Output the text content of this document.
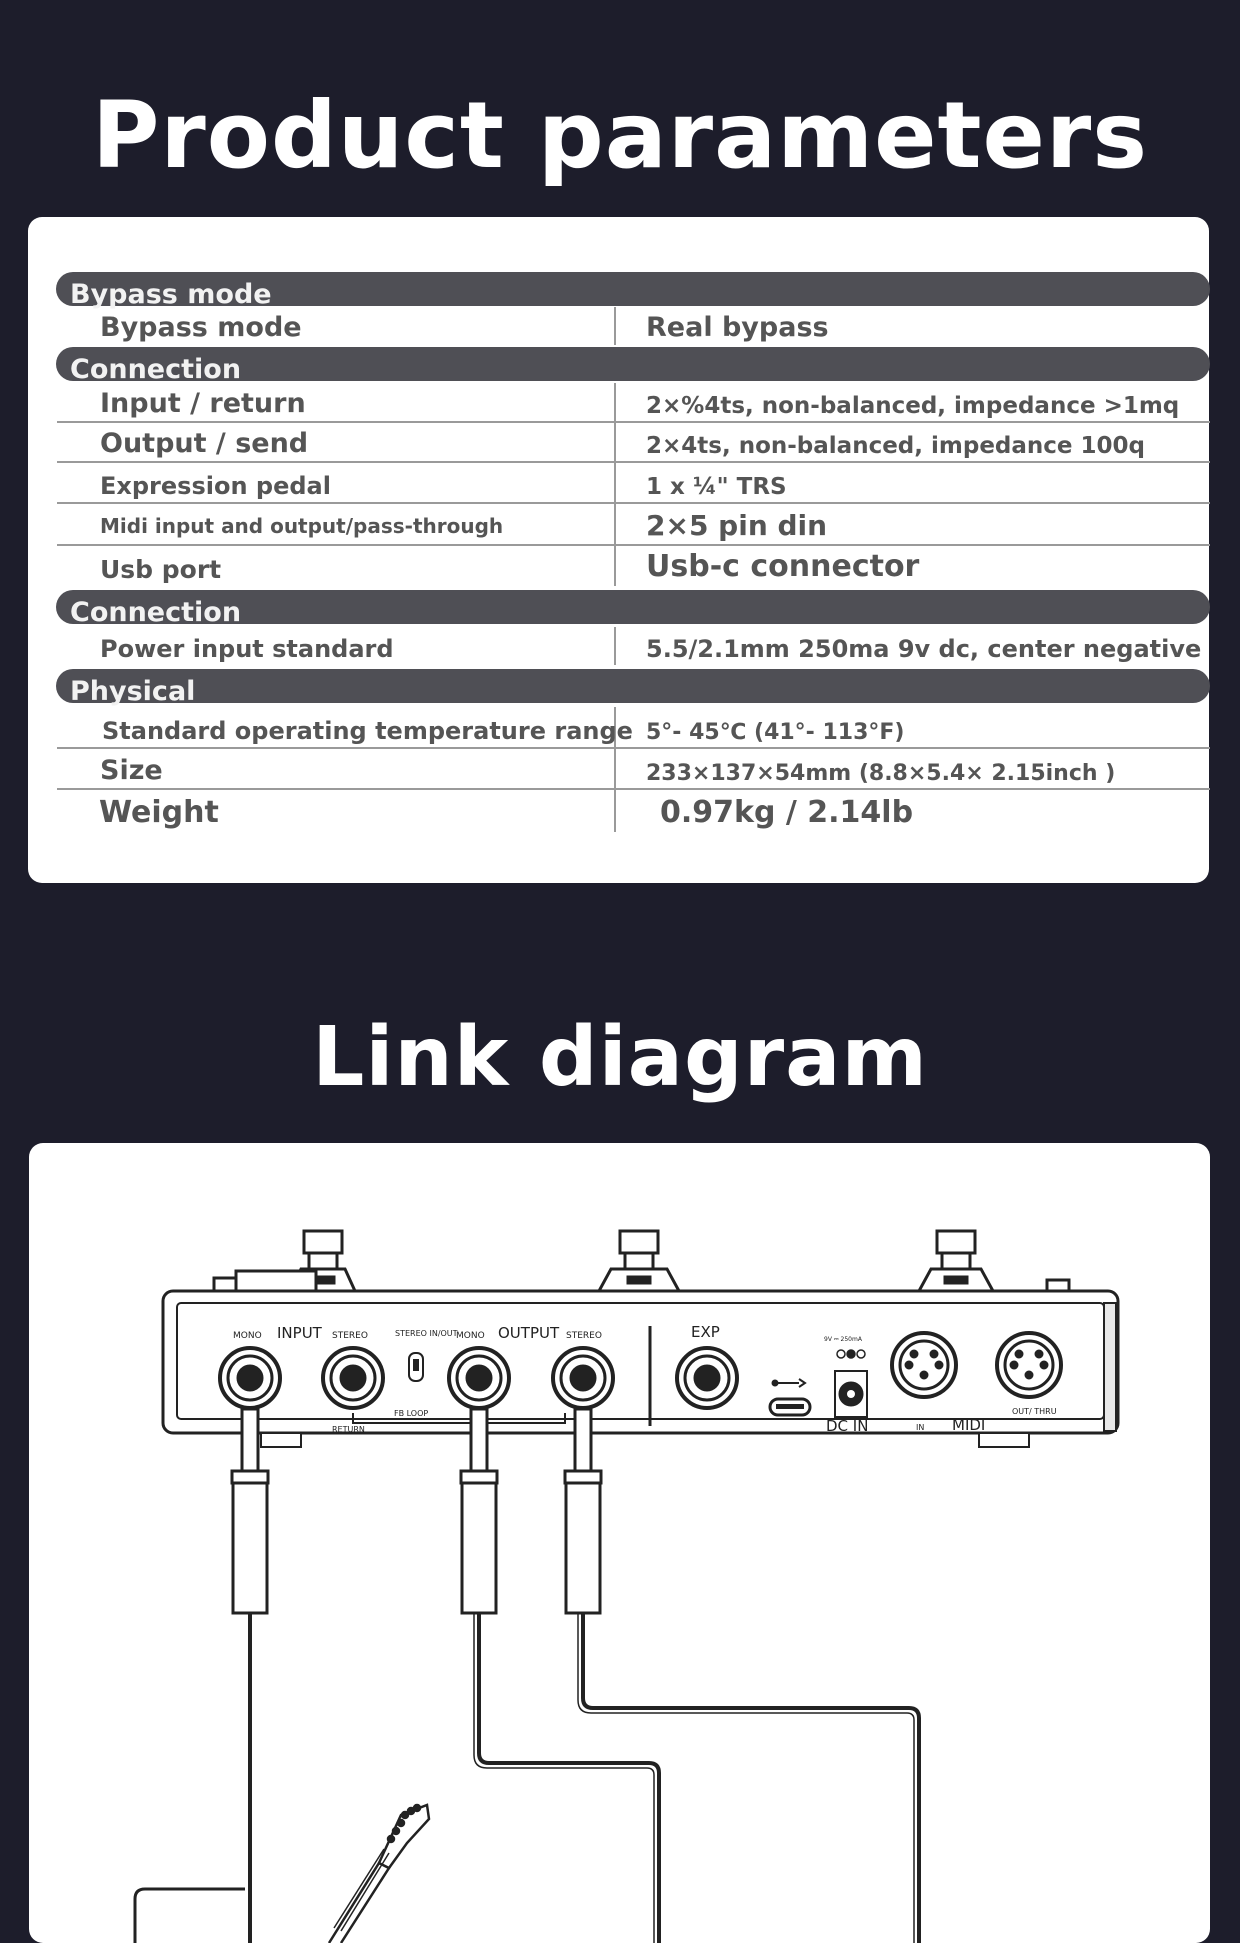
Product parameters
Bypass mode
Bypass mode	Real bypass
Connection
Input / return	2×%4ts, non-balanced, impedance >1mq
Output / send	2×4ts, non-balanced, impedance 100q
Expression pedal	1 x ¼" TRS
Midi input and output/pass-through	2×5 pin din
Usb port	Usb-c connector
Connection
Power input standard	5.5/2.1mm 250ma 9v dc, center negative
Physical
Standard operating temperature range 5°- 45℃ (41°- 113°F)
Size	233×137×54mm (8.8×5.4× 2.15inch )
Weight	0.97kg / 2.14lb
Link diagram
MONO INPUT STEREO	STEREO IN/OUT
MONO OUTPUT STEREO
RETURN
FB LOOP
EXP	9V ⎓ 250mA
DC IN	IN MIDI
OUT/ THRU
